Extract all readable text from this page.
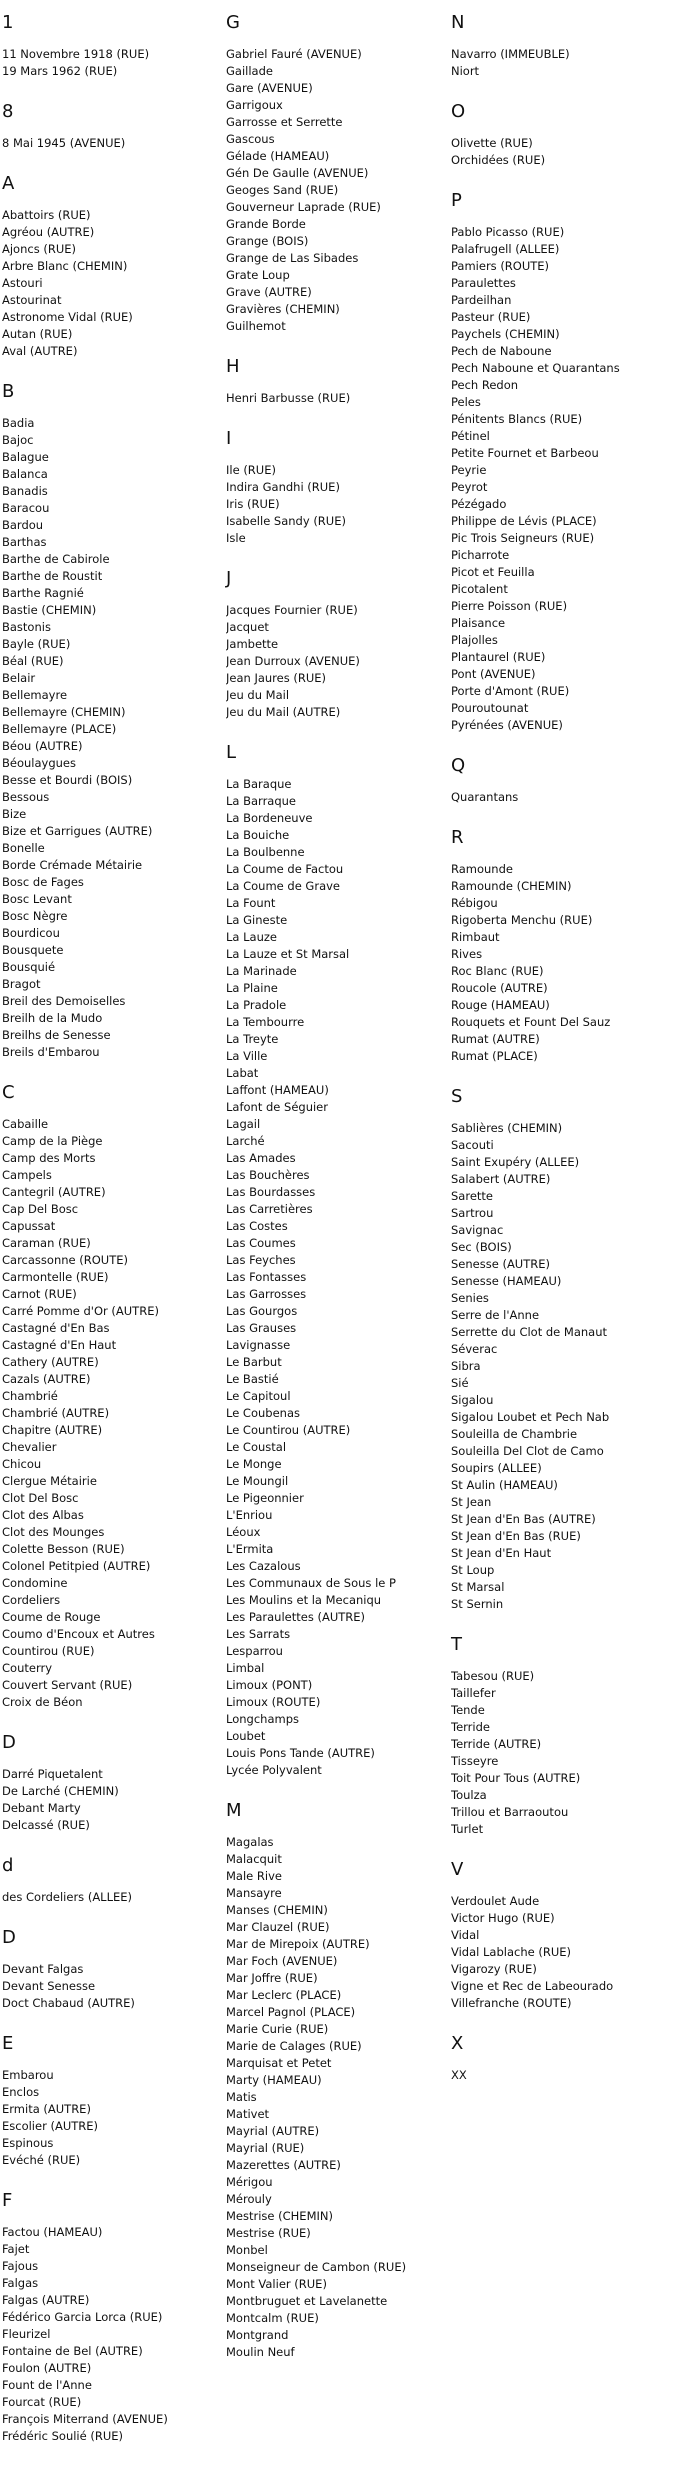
1
11 Novembre 1918 (RUE)
19 Mars 1962 (RUE)
8
8 Mai 1945 (AVENUE)
A
Abattoirs (RUE)
Agréou (AUTRE)
Ajoncs (RUE)
Arbre Blanc (CHEMIN)
Astouri
Astourinat
Astronome Vidal (RUE)
Autan (RUE)
Aval (AUTRE)
B
Badia
Bajoc
Balague
Balanca
Banadis
Baracou
Bardou
Barthas
Barthe de Cabirole
Barthe de Roustit
Barthe Ragnié
Bastie (CHEMIN)
Bastonis
Bayle (RUE)
Béal (RUE)
Belair
Bellemayre
Bellemayre (CHEMIN)
Bellemayre (PLACE)
Béou (AUTRE)
Béoulaygues
Besse et Bourdi (BOIS)
Bessous
Bize
Bize et Garrigues (AUTRE)
Bonelle
Borde Crémade Métairie
Bosc de Fages
Bosc Levant
Bosc Nègre
Bourdicou
Bousquete
Bousquié
Bragot
Breil des Demoiselles
Breilh de la Mudo
Breilhs de Senesse
Breils d'Embarou
C
Cabaille
Camp de la Piège
Camp des Morts
Campels
Cantegril (AUTRE)
Cap Del Bosc
Capussat
Caraman (RUE)
Carcassonne (ROUTE)
Carmontelle (RUE)
Carnot (RUE)
Carré Pomme d'Or (AUTRE)
Castagné d'En Bas
Castagné d'En Haut
Cathery (AUTRE)
Cazals (AUTRE)
Chambrié
Chambrié (AUTRE)
Chapitre (AUTRE)
Chevalier
Chicou
Clergue Métairie
Clot Del Bosc
Clot des Albas
Clot des Mounges
Colette Besson (RUE)
Colonel Petitpied (AUTRE)
Condomine
Cordeliers
Coume de Rouge
Coumo d'Encoux et Autres
Countirou (RUE)
Couterry
Couvert Servant (RUE)
Croix de Béon
D
Darré Piquetalent
De Larché (CHEMIN)
Debant Marty
Delcassé (RUE)
d
des Cordeliers (ALLEE)
D
Devant Falgas
Devant Senesse
Doct Chabaud (AUTRE)
E
Embarou
Enclos
Ermita (AUTRE)
Escolier (AUTRE)
Espinous
Evéché (RUE)
F
Factou (HAMEAU)
Fajet
Fajous
Falgas
Falgas (AUTRE)
Fédérico Garcia Lorca (RUE)
Fleurizel
Fontaine de Bel (AUTRE)
Foulon (AUTRE)
Fount de l'Anne
Fourcat (RUE)
François Miterrand (AVENUE)
Frédéric Soulié (RUE)
G
Gabriel Fauré (AVENUE)
Gaillade
Gare (AVENUE)
Garrigoux
Garrosse et Serrette
Gascous
Gélade (HAMEAU)
Gén De Gaulle (AVENUE)
Geoges Sand (RUE)
Gouverneur Laprade (RUE)
Grande Borde
Grange (BOIS)
Grange de Las Sibades
Grate Loup
Grave (AUTRE)
Gravières (CHEMIN)
Guilhemot
H
Henri Barbusse (RUE)
I
Ile (RUE)
Indira Gandhi (RUE)
Iris (RUE)
Isabelle Sandy (RUE)
Isle
J
Jacques Fournier (RUE)
Jacquet
Jambette
Jean Durroux (AVENUE)
Jean Jaures (RUE)
Jeu du Mail
Jeu du Mail (AUTRE)
L
La Baraque
La Barraque
La Bordeneuve
La Bouiche
La Boulbenne
La Coume de Factou
La Coume de Grave
La Fount
La Gineste
La Lauze
La Lauze et St Marsal
La Marinade
La Plaine
La Pradole
La Tembourre
La Treyte
La Ville
Labat
Laffont (HAMEAU)
Lafont de Séguier
Lagail
Larché
Las Amades
Las Bouchères
Las Bourdasses
Las Carretières
Las Costes
Las Coumes
Las Feyches
Las Fontasses
Las Garrosses
Las Gourgos
Las Grauses
Lavignasse
Le Barbut
Le Bastié
Le Capitoul
Le Coubenas
Le Countirou (AUTRE)
Le Coustal
Le Monge
Le Moungil
Le Pigeonnier
L'Enriou
Léoux
L'Ermita
Les Cazalous
Les Communaux de Sous le P
Les Moulins et la Mecaniqu
Les Paraulettes (AUTRE)
Les Sarrats
Lesparrou
Limbal
Limoux (PONT)
Limoux (ROUTE)
Longchamps
Loubet
Louis Pons Tande (AUTRE)
Lycée Polyvalent
M
Magalas
Malacquit
Male Rive
Mansayre
Manses (CHEMIN)
Mar Clauzel (RUE)
Mar de Mirepoix (AUTRE)
Mar Foch (AVENUE)
Mar Joffre (RUE)
Mar Leclerc (PLACE)
Marcel Pagnol (PLACE)
Marie Curie (RUE)
Marie de Calages (RUE)
Marquisat et Petet
Marty (HAMEAU)
Matis
Mativet
Mayrial (AUTRE)
Mayrial (RUE)
Mazerettes (AUTRE)
Mérigou
Mérouly
Mestrise (CHEMIN)
Mestrise (RUE)
Monbel
Monseigneur de Cambon (RUE)
Mont Valier (RUE)
Montbruguet et Lavelanette
Montcalm (RUE)
Montgrand
Moulin Neuf
N
Navarro (IMMEUBLE)
Niort
O
Olivette (RUE)
Orchidées (RUE)
P
Pablo Picasso (RUE)
Palafrugell (ALLEE)
Pamiers (ROUTE)
Paraulettes
Pardeilhan
Pasteur (RUE)
Paychels (CHEMIN)
Pech de Naboune
Pech Naboune et Quarantans
Pech Redon
Peles
Pénitents Blancs (RUE)
Pétinel
Petite Fournet et Barbeou
Peyrie
Peyrot
Pézégado
Philippe de Lévis (PLACE)
Pic Trois Seigneurs (RUE)
Picharrote
Picot et Feuilla
Picotalent
Pierre Poisson (RUE)
Plaisance
Plajolles
Plantaurel (RUE)
Pont (AVENUE)
Porte d'Amont (RUE)
Pouroutounat
Pyrénées (AVENUE)
Q
Quarantans
R
Ramounde
Ramounde (CHEMIN)
Rébigou
Rigoberta Menchu (RUE)
Rimbaut
Rives
Roc Blanc (RUE)
Roucole (AUTRE)
Rouge (HAMEAU)
Rouquets et Fount Del Sauz
Rumat (AUTRE)
Rumat (PLACE)
S
Sablières (CHEMIN)
Sacouti
Saint Exupéry (ALLEE)
Salabert (AUTRE)
Sarette
Sartrou
Savignac
Sec (BOIS)
Senesse (AUTRE)
Senesse (HAMEAU)
Senies
Serre de l'Anne
Serrette du Clot de Manaut
Séverac
Sibra
Sié
Sigalou
Sigalou Loubet et Pech Nab
Souleilla de Chambrie
Souleilla Del Clot de Camo
Soupirs (ALLEE)
St Aulin (HAMEAU)
St Jean
St Jean d'En Bas (AUTRE)
St Jean d'En Bas (RUE)
St Jean d'En Haut
St Loup
St Marsal
St Sernin
T
Tabesou (RUE)
Taillefer
Tende
Terride
Terride (AUTRE)
Tisseyre
Toit Pour Tous (AUTRE)
Toulza
Trillou et Barraoutou
Turlet
V
Verdoulet Aude
Victor Hugo (RUE)
Vidal
Vidal Lablache (RUE)
Vigarozy (RUE)
Vigne et Rec de Labeourado
Villefranche (ROUTE)
X
XX
